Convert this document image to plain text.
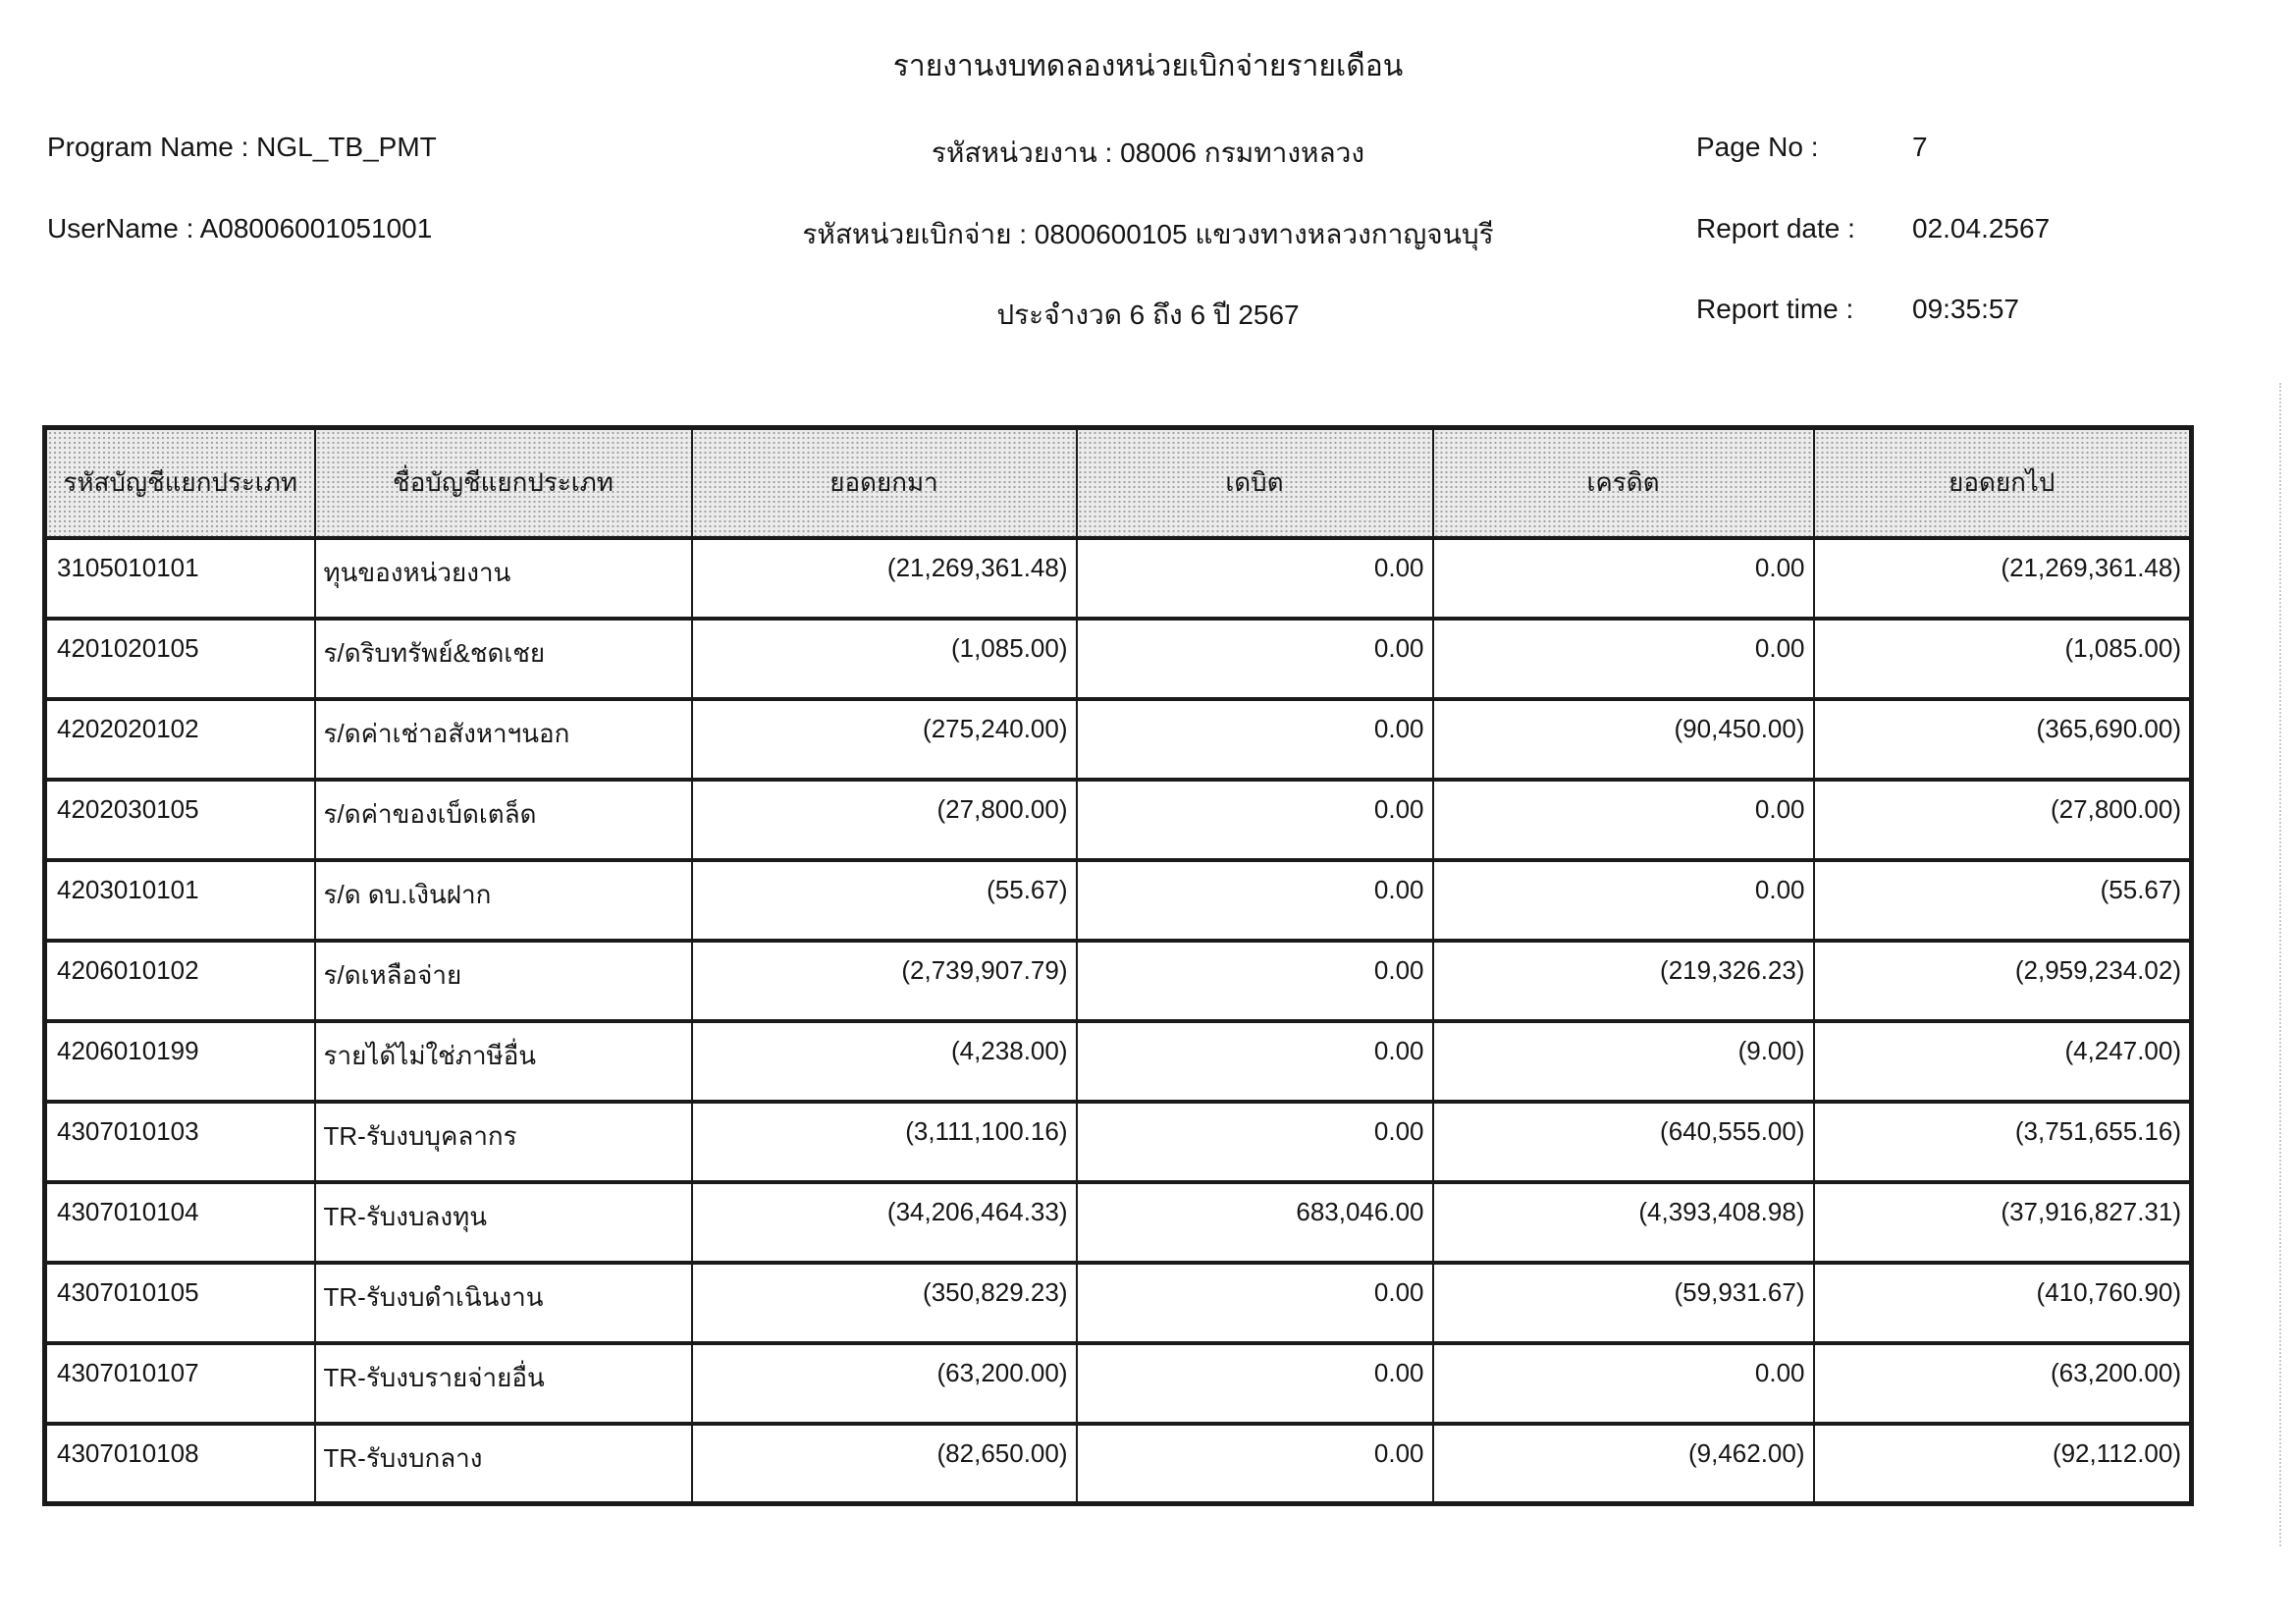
รายงานงบทดลองหน่วยเบิกจ่ายรายเดือน
Program Name : NGL_TB_PMT	รหัสหน่วยงาน : 08006 กรมทางหลวง	Page No :	7
UserName : A08006001051001	รหัสหน่วยเบิกจ่าย : 0800600105 แขวงทางหลวงกาญจนบุรี	Report date : 02.04.2567
ประจำงวด 6 ถึง 6 ปี 2567	Report time : 09:35:57
รหัสบัญชีแยกประเภท	ชื่อบัญชีแยกประเภท	ยอดยกมา	เดบิต	เครดิต	ยอดยกไป
3105010101	ทุนของหน่วยงาน	(21,269,361.48)	0.00	0.00	(21,269,361.48)
4201020105	ร/ดริบทรัพย์&ชดเชย	(1,085.00)	0.00	0.00	(1,085.00)
4202020102	ร/ดค่าเช่าอสังหาฯนอก	(275,240.00)	0.00	(90,450.00)	(365,690.00)
4202030105	ร/ดค่าของเบ็ดเตล็ด	(27,800.00)	0.00	0.00	(27,800.00)
4203010101	ร/ด ดบ.เงินฝาก	(55.67)	0.00	0.00	(55.67)
4206010102	ร/ดเหลือจ่าย	(2,739,907.79)	0.00	(219,326.23)	(2,959,234.02)
4206010199	รายได้ไม่ใช่ภาษีอื่น	(4,238.00)	0.00	(9.00)	(4,247.00)
4307010103	TR-รับงบบุคลากร	(3,111,100.16)	0.00	(640,555.00)	(3,751,655.16)
4307010104	TR-รับงบลงทุน	(34,206,464.33)	683,046.00	(4,393,408.98)	(37,916,827.31)
4307010105	TR-รับงบดำเนินงาน	(350,829.23)	0.00	(59,931.67)	(410,760.90)
4307010107	TR-รับงบรายจ่ายอื่น	(63,200.00)	0.00	0.00	(63,200.00)
4307010108	TR-รับงบกลาง	(82,650.00)	0.00	(9,462.00)	(92,112.00)
